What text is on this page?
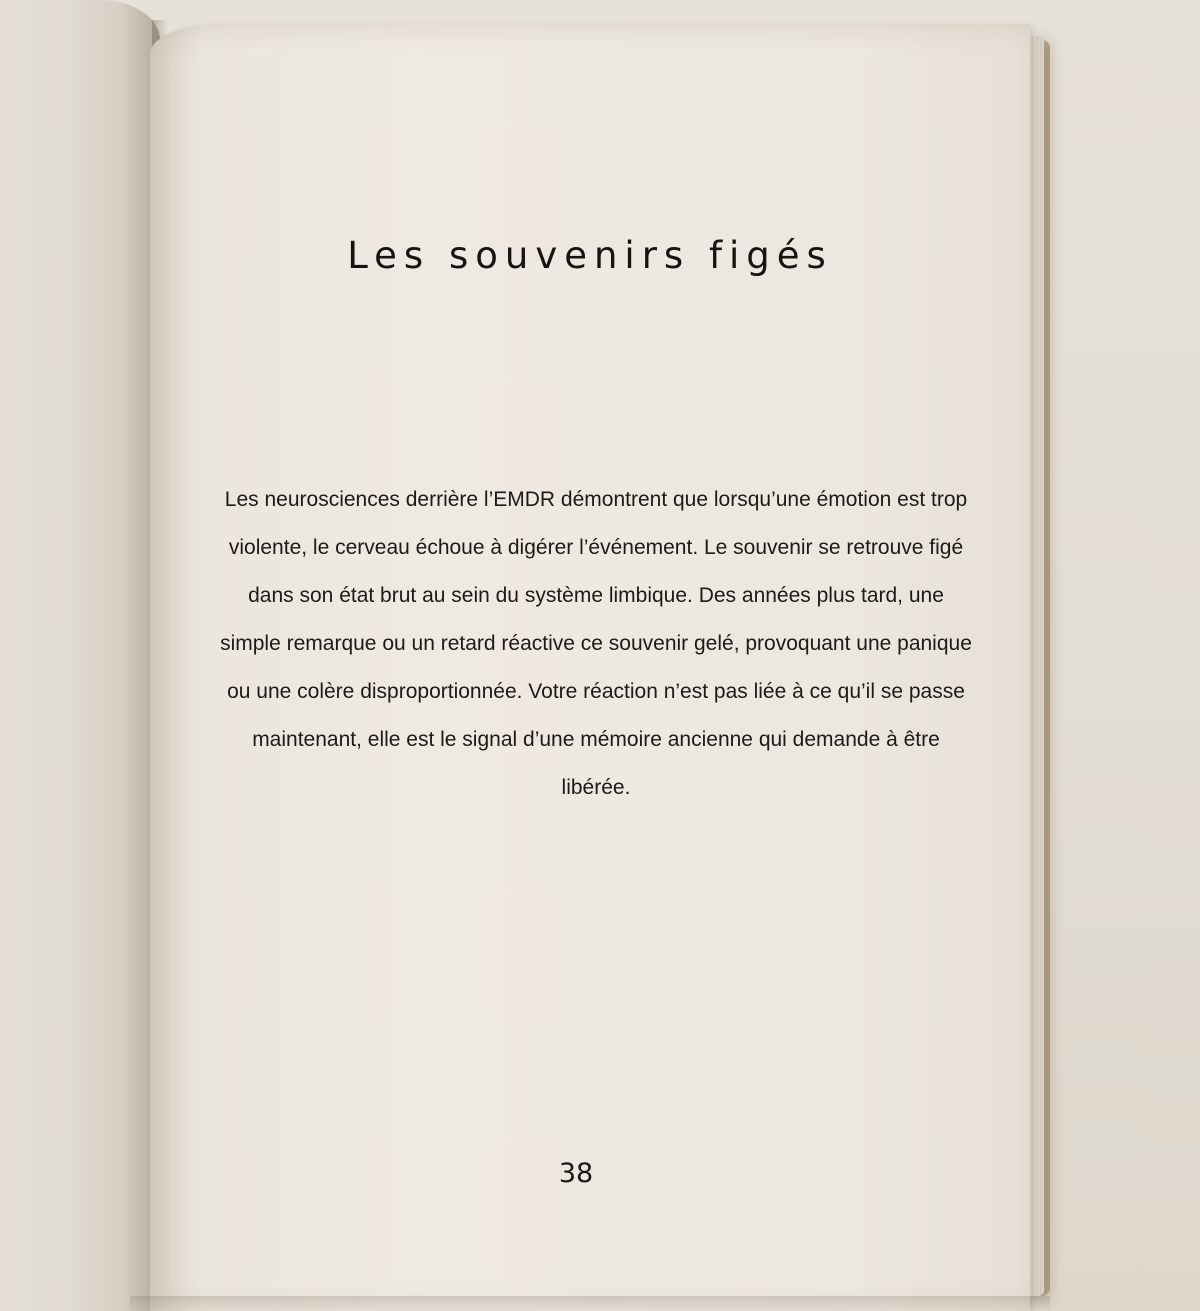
Les souvenirs figés

Les neurosciences derrière l’EMDR démontrent que lorsqu’une émotion est trop violente, le cerveau échoue à digérer l’événement. Le souvenir se retrouve figé dans son état brut au sein du système limbique. Des années plus tard, une simple remarque ou un retard réactive ce souvenir gelé, provoquant une panique ou une colère disproportionnée. Votre réaction n’est pas liée à ce qu’il se passe maintenant, elle est le signal d’une mémoire ancienne qui demande à être libérée.

38
